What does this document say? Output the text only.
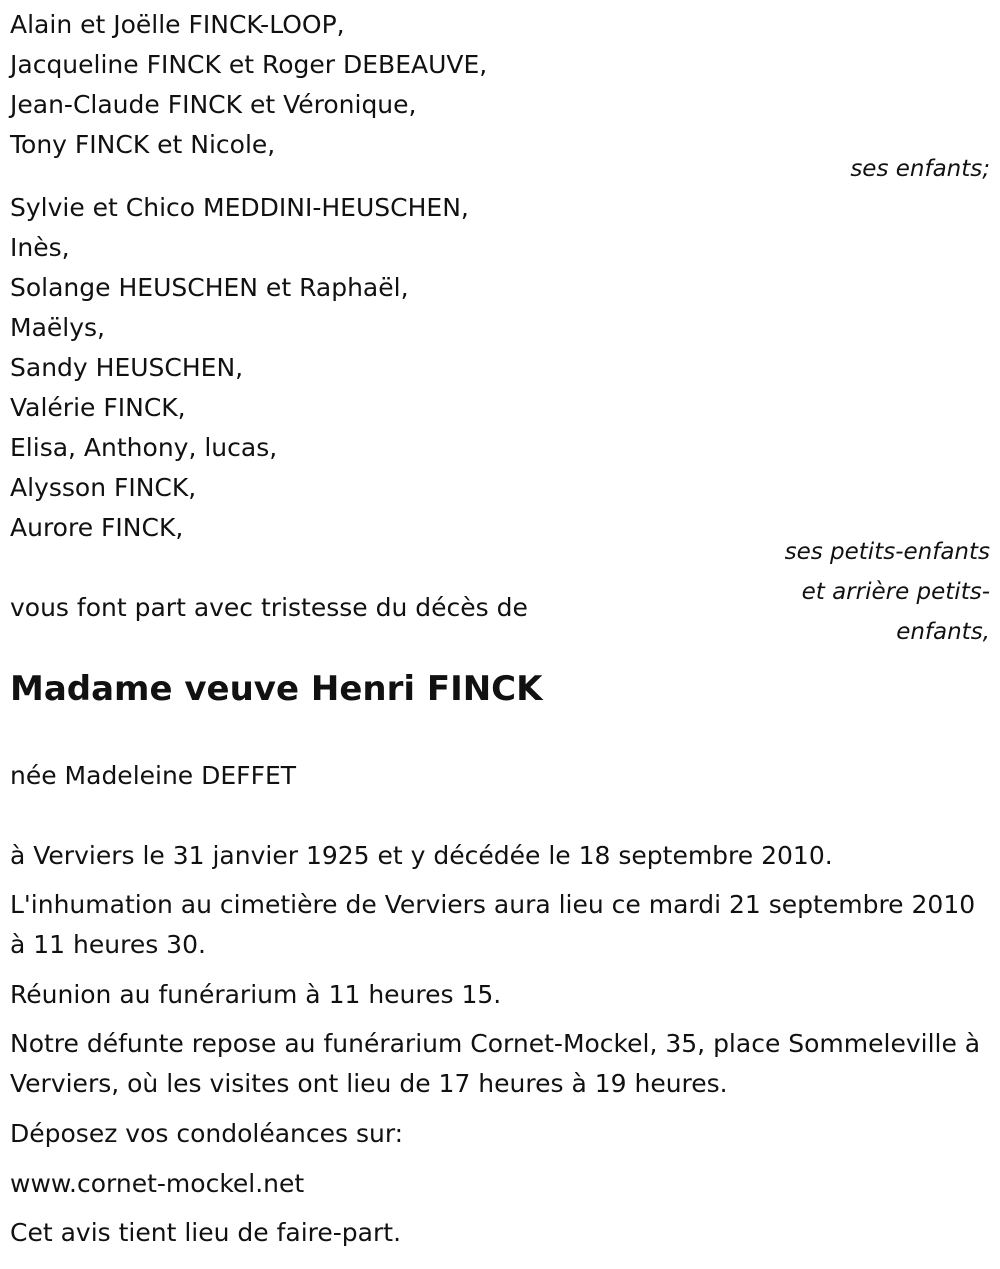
Alain et Joëlle FINCK-LOOP,
Jacqueline FINCK et Roger DEBEAUVE,
Jean-Claude FINCK et Véronique,
Tony FINCK et Nicole,
ses enfants;
Sylvie et Chico MEDDINI-HEUSCHEN,
Inès,
Solange HEUSCHEN et Raphaël,
Maëlys,
Sandy HEUSCHEN,
Valérie FINCK,
Elisa, Anthony, lucas,
Alysson FINCK,
Aurore FINCK,
ses petits-enfants
et arrière petits-
enfants,
vous font part avec tristesse du décès de
Madame veuve Henri FINCK
née Madeleine DEFFET
à Verviers le 31 janvier 1925 et y décédée le 18 septembre 2010.
L'inhumation au cimetière de Verviers aura lieu ce mardi 21 septembre 2010 à 11 heures 30.
Réunion au funérarium à 11 heures 15.
Notre défunte repose au funérarium Cornet-Mockel, 35, place Sommeleville à Verviers, où les visites ont lieu de 17 heures à 19 heures.
Déposez vos condoléances sur:
www.cornet-mockel.net
Cet avis tient lieu de faire-part.
